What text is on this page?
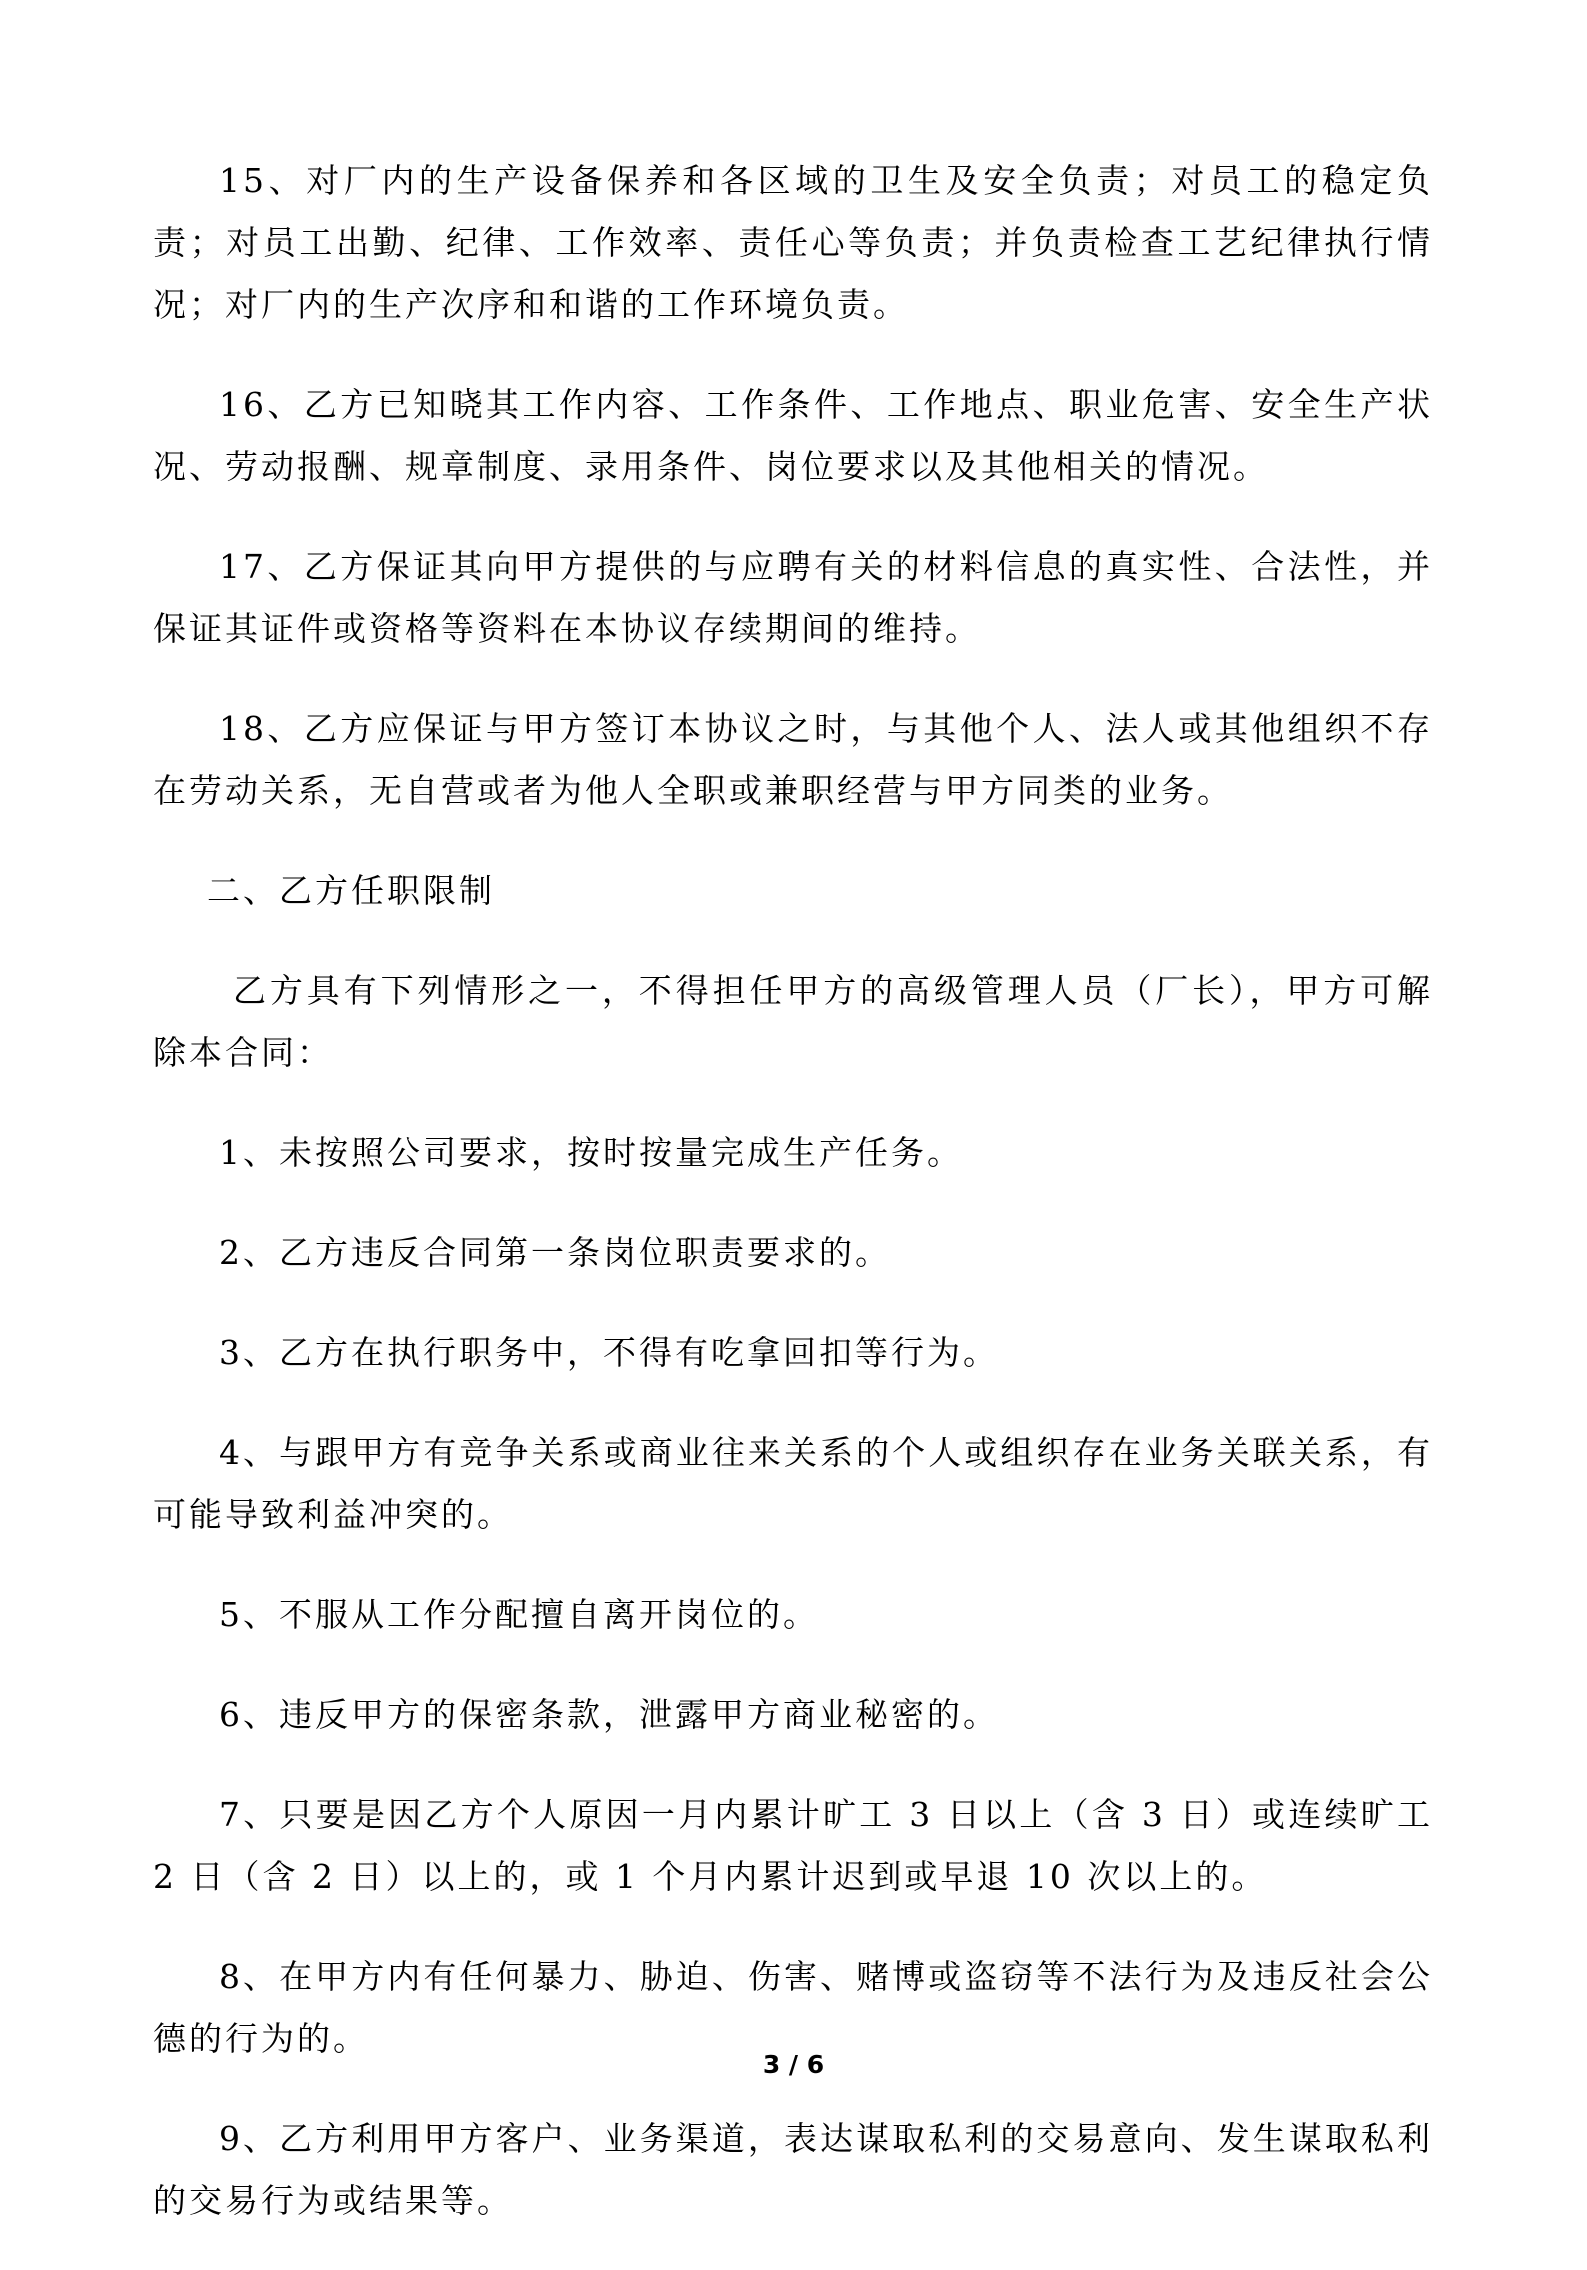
15、对厂内的生产设备保养和各区域的卫生及安全负责；对员工的稳定负责；对员工出勤、纪律、工作效率、责任心等负责；并负责检查工艺纪律执行情况；对厂内的生产次序和和谐的工作环境负责。

16、乙方已知晓其工作内容、工作条件、工作地点、职业危害、安全生产状况、劳动报酬、规章制度、录用条件、岗位要求以及其他相关的情况。

17、乙方保证其向甲方提供的与应聘有关的材料信息的真实性、合法性，并保证其证件或资格等资料在本协议存续期间的维持。

18、乙方应保证与甲方签订本协议之时，与其他个人、法人或其他组织不存在劳动关系，无自营或者为他人全职或兼职经营与甲方同类的业务。

二、乙方任职限制

乙方具有下列情形之一，不得担任甲方的高级管理人员（厂长），甲方可解除本合同：

1、未按照公司要求，按时按量完成生产任务。

2、乙方违反合同第一条岗位职责要求的。

3、乙方在执行职务中，不得有吃拿回扣等行为。

4、与跟甲方有竞争关系或商业往来关系的个人或组织存在业务关联关系，有可能导致利益冲突的。

5、不服从工作分配擅自离开岗位的。

6、违反甲方的保密条款，泄露甲方商业秘密的。

7、只要是因乙方个人原因一月内累计旷工 3 日以上（含 3 日）或连续旷工 2 日（含 2 日）以上的，或 1 个月内累计迟到或早退 10 次以上的。

8、在甲方内有任何暴力、胁迫、伤害、赌博或盗窃等不法行为及违反社会公德的行为的。

9、乙方利用甲方客户、业务渠道，表达谋取私利的交易意向、发生谋取私利的交易行为或结果等。

3 / 6
